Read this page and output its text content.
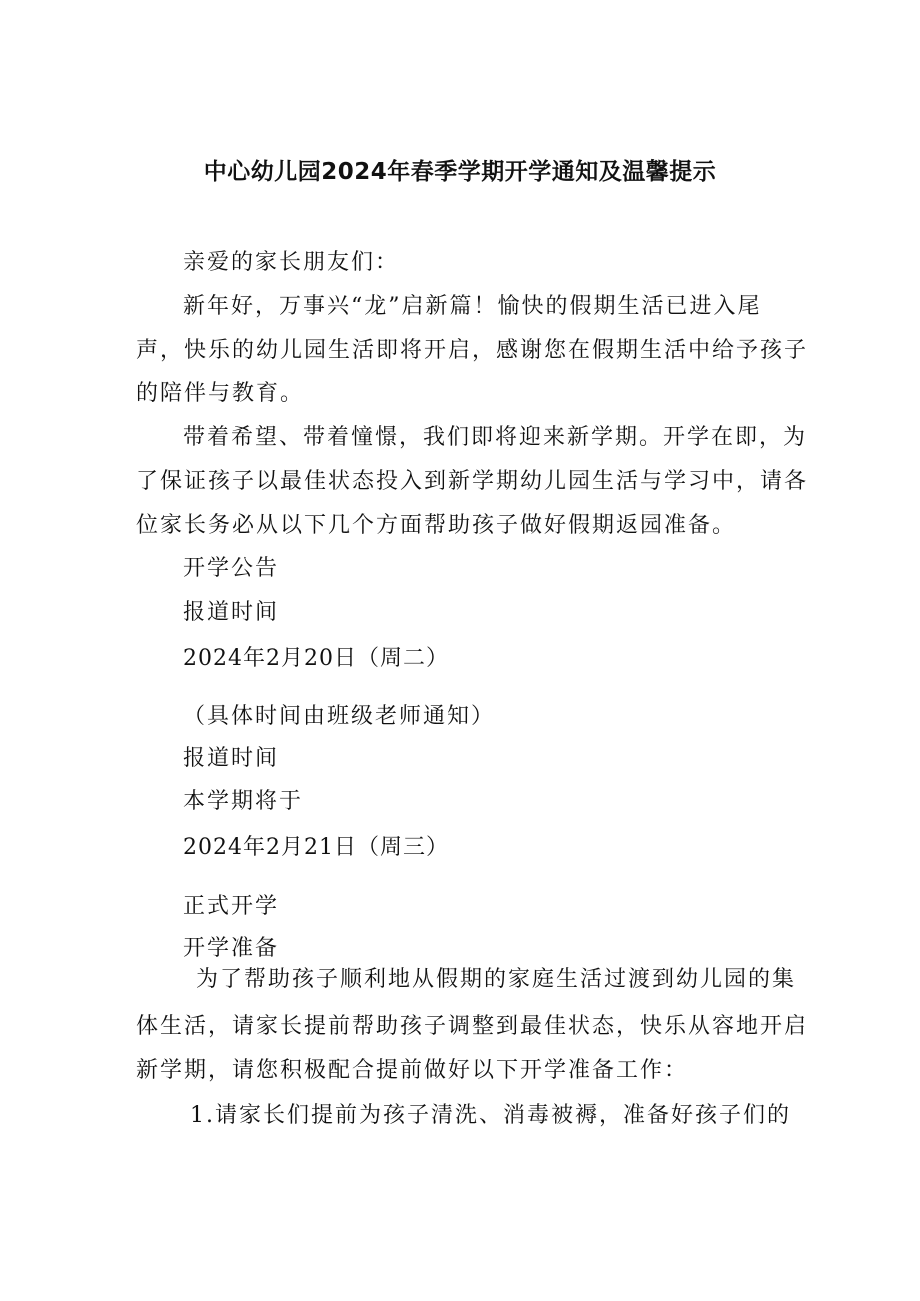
中心幼儿园2024年春季学期开学通知及温馨提示
亲爱的家长朋友们：
新年好，万事兴“龙”启新篇！愉快的假期生活已进入尾
声，快乐的幼儿园生活即将开启，感谢您在假期生活中给予孩子
的陪伴与教育。
带着希望、带着憧憬，我们即将迎来新学期。开学在即，为
了保证孩子以最佳状态投入到新学期幼儿园生活与学习中，请各
位家长务必从以下几个方面帮助孩子做好假期返园准备。
开学公告
报道时间
2024年2月20日（周二）
（具体时间由班级老师通知）
报道时间
本学期将于
2024年2月21日（周三）
正式开学
开学准备
为了帮助孩子顺利地从假期的家庭生活过渡到幼儿园的集
体生活，请家长提前帮助孩子调整到最佳状态，快乐从容地开启
新学期，请您积极配合提前做好以下开学准备工作：
1.请家长们提前为孩子清洗、消毒被褥，准备好孩子们的
